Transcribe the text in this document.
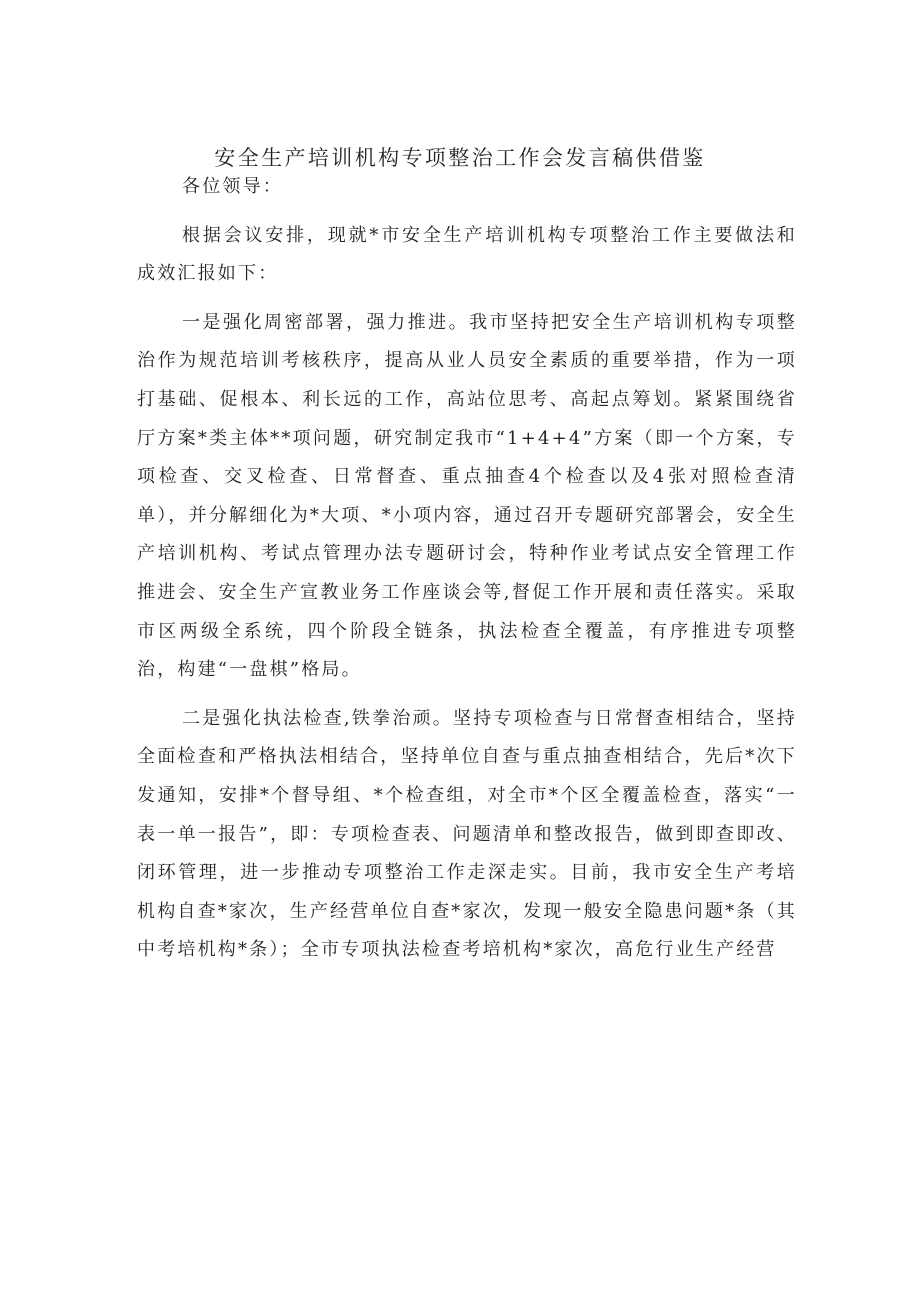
安全生产培训机构专项整治工作会发言稿供借鉴

各位领导：

根据会议安排，现就*市安全生产培训机构专项整治工作主要做法和成效汇报如下：

一是强化周密部署，强力推进。我市坚持把安全生产培训机构专项整治作为规范培训考核秩序，提高从业人员安全素质的重要举措，作为一项打基础、促根本、利长远的工作，高站位思考、高起点筹划。紧紧围绕省厅方案*类主体**项问题，研究制定我市“1+4+4”方案（即一个方案，专项检查、交叉检查、日常督查、重点抽查4个检查以及4张对照检查清单），并分解细化为*大项、*小项内容，通过召开专题研究部署会，安全生产培训机构、考试点管理办法专题研讨会，特种作业考试点安全管理工作推进会、安全生产宣教业务工作座谈会等,督促工作开展和责任落实。采取市区两级全系统，四个阶段全链条，执法检查全覆盖，有序推进专项整治，构建“一盘棋”格局。

二是强化执法检查,铁拳治顽。坚持专项检查与日常督查相结合，坚持全面检查和严格执法相结合，坚持单位自查与重点抽查相结合，先后*次下发通知，安排*个督导组、*个检查组，对全市*个区全覆盖检查，落实“一表一单一报告”，即：专项检查表、问题清单和整改报告，做到即查即改、闭环管理，进一步推动专项整治工作走深走实。目前，我市安全生产考培机构自查*家次，生产经营单位自查*家次，发现一般安全隐患问题*条（其中考培机构*条）；全市专项执法检查考培机构*家次，高危行业生产经营
